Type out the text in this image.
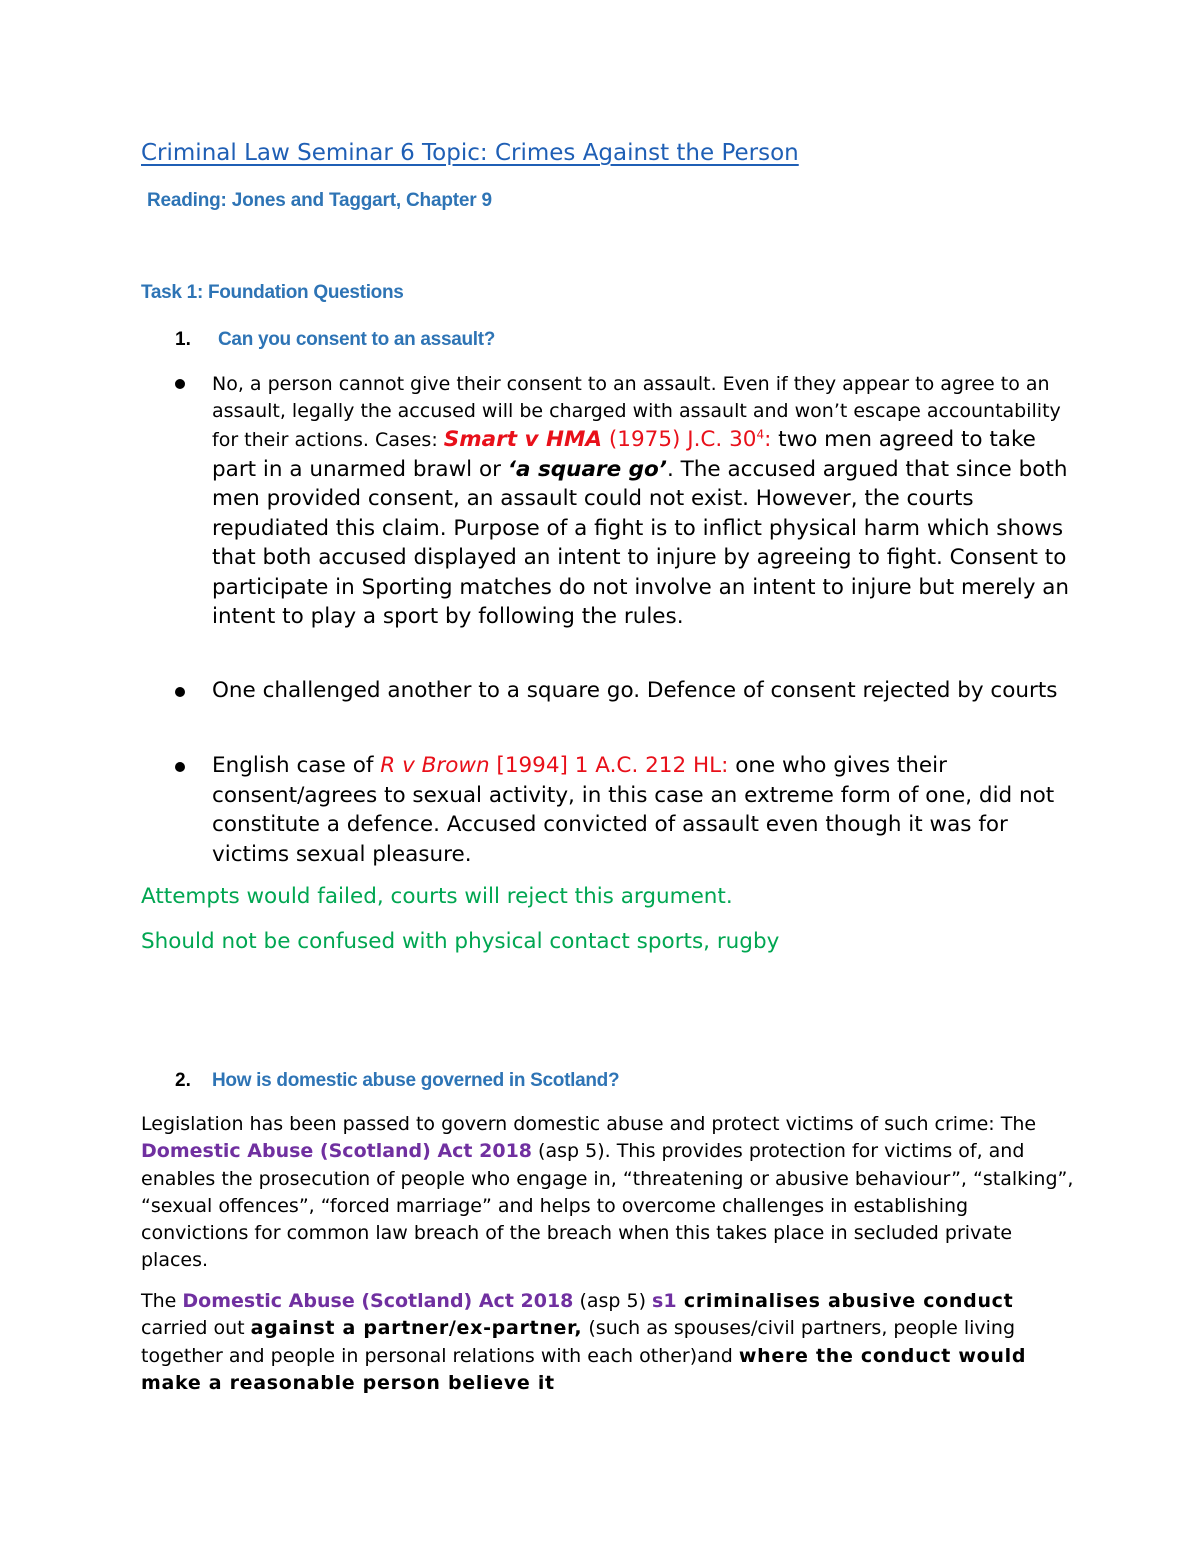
Criminal Law Seminar 6 Topic: Crimes Against the Person
Reading: Jones and Taggart, Chapter 9
Task 1: Foundation Questions
1. Can you consent to an assault?
No, a person cannot give their consent to an assault. Even if they appear to agree to an assault, legally the accused will be charged with assault and won’t escape accountability for their actions. Cases: Smart v HMA (1975) J.C. $30^4$: two men agreed to take part in a unarmed brawl or ‘a square go’. The accused argued that since both men provided consent, an assault could not exist. However, the courts repudiated this claim. Purpose of a fight is to inflict physical harm which shows that both accused displayed an intent to injure by agreeing to fight. Consent to participate in Sporting matches do not involve an intent to injure but merely an intent to play a sport by following the rules.
One challenged another to a square go. Defence of consent rejected by courts
English case of R v Brown [1994] 1 A.C. 212 HL: one who gives their consent/agrees to sexual activity, in this case an extreme form of one, did not constitute a defence. Accused convicted of assault even though it was for victims sexual pleasure.
Attempts would failed, courts will reject this argument.
Should not be confused with physical contact sports, rugby
2. How is domestic abuse governed in Scotland?
Legislation has been passed to govern domestic abuse and protect victims of such crime: The Domestic Abuse (Scotland) Act 2018 (asp 5). This provides protection for victims of, and enables the prosecution of people who engage in, “threatening or abusive behaviour”, “stalking”, “sexual offences”, “forced marriage” and helps to overcome challenges in establishing convictions for common law breach of the breach when this takes place in secluded private places.
The Domestic Abuse (Scotland) Act 2018 (asp 5) s1 criminalises abusive conduct carried out against a partner/ex-partner, (such as spouses/civil partners, people living together and people in personal relations with each other)and where the conduct would make a reasonable person believe it
